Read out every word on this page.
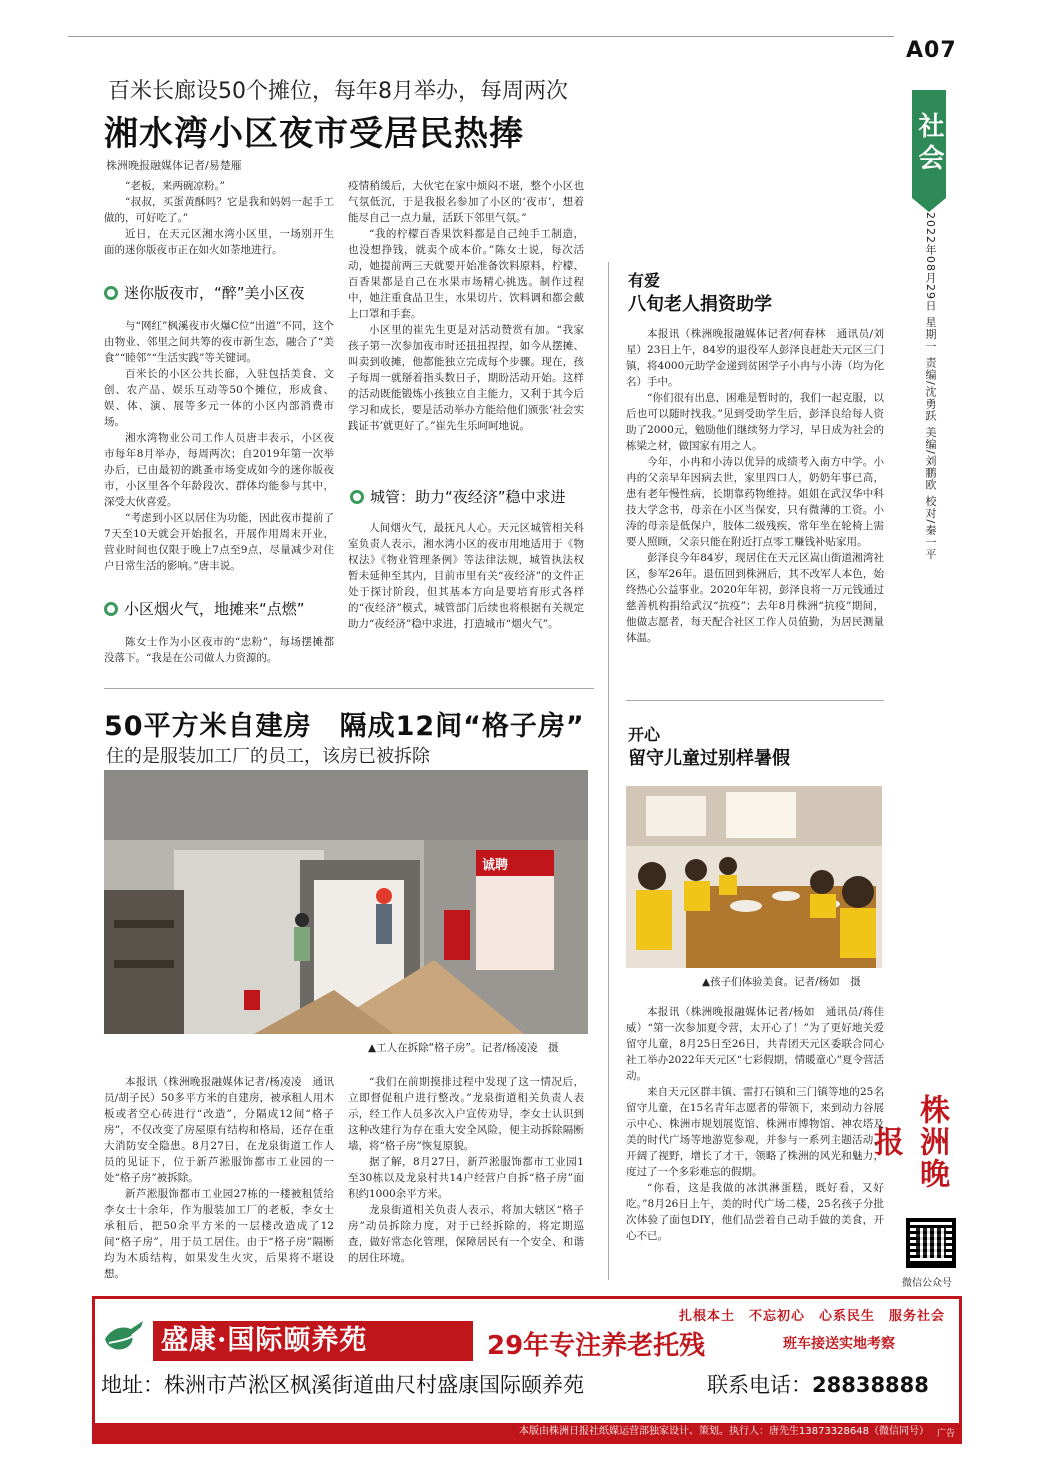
A07
社会
2022年08月29日 星期一 责编/沈勇跃 美编/刘鹏欧 校对/秦一平
株洲晚报
微信公众号
百米长廊设50个摊位，每年8月举办，每周两次
湘水湾小区夜市受居民热捧
株洲晚报融媒体记者/易楚雁

“老板，来两碗凉粉。”

“叔叔，买蛋黄酥吗？它是我和妈妈一起手工做的，可好吃了。”

近日，在天元区湘水湾小区里，一场别开生面的迷你版夜市正在如火如荼地进行。

迷你版夜市，“醉”美小区夜

与“网红”枫溪夜市火爆C位“出道”不同，这个由物业、邻里之间共筹的夜市新生态，融合了“美食”“睦邻”“生活实践”等关键词。

百米长的小区公共长廊，入驻包括美食、文创、农产品、娱乐互动等50个摊位，形成食、娱、体、演、展等多元一体的小区内部消费市场。

湘水湾物业公司工作人员唐丰表示，小区夜市每年8月举办，每周两次；自2019年第一次举办后，已由最初的跳蚤市场变成如今的迷你版夜市，小区里各个年龄段次、群体均能参与其中，深受大伙喜爱。

“考虑到小区以居住为功能，因此夜市提前了7天至10天就会开始报名，开展作用周末开业，营业时间也仅限于晚上7点至9点，尽量减少对住户日常生活的影响。”唐丰说。

小区烟火气，地摊来“点燃”

陈女士作为小区夜市的“忠粉”，每场摆摊都没落下。“我是在公司做人力资源的。

疫情稍缓后，大伙宅在家中烦闷不堪，整个小区也气氛低沉，于是我报名参加了小区的‘夜市’，想着能尽自己一点力量，活跃下邻里气氛。”

“我的柠檬百香果饮料都是自己纯手工制造，也没想挣钱，就卖个成本价。”陈女士说，每次活动，她提前两三天就要开始准备饮料原料，柠檬、百香果都是自己在水果市场精心挑选。制作过程中，她注重食品卫生，水果切片、饮料调和都会戴上口罩和手套。

小区里的崔先生更是对活动赞赏有加。“我家孩子第一次参加夜市时还扭扭捏捏，如今从摆摊、叫卖到收摊，他都能独立完成每个步骤。现在，孩子每周一就掰着指头数日子，期盼活动开始。这样的活动既能锻炼小孩独立自主能力，又利于其今后学习和成长，要是活动举办方能给他们颁张‘社会实践证书’就更好了。”崔先生乐呵呵地说。

城管：助力“夜经济”稳中求进

人间烟火气，最抚凡人心。天元区城管相关科室负责人表示，湘水湾小区的夜市用地适用于《物权法》《物业管理条例》等法律法规，城管执法权暂未延伸至其内，目前市里有关“夜经济”的文件正处于探讨阶段，但其基本方向是要培育形式各样的“夜经济”模式，城管部门后续也将根据有关规定助力“夜经济”稳中求进，打造城市“烟火气”。

50平方米自建房　隔成12间“格子房”
住的是服装加工厂的员工，该房已被拆除
诚聘
▲工人在拆除“格子房”。记者/杨凌凌　摄

本报讯（株洲晚报融媒体记者/杨凌凌　通讯员/胡子民）50多平方米的自建房，被承租人用木板或者空心砖进行“改造”，分隔成12间“格子房”，不仅改变了房屋原有结构和格局，还存在重大消防安全隐患。8月27日，在龙泉街道工作人员的见证下，位于新芦淞服饰都市工业园的一处“格子房”被拆除。

新芦淞服饰都市工业园27栋的一楼被租赁给李女士十余年，作为服装加工厂的老板，李女士承租后，把50余平方米的一层楼改造成了12间“格子房”，用于员工居住。由于“格子房”隔断均为木质结构，如果发生火灾，后果将不堪设想。

“我们在前期摸排过程中发现了这一情况后，立即督促租户进行整改。”龙泉街道相关负责人表示，经工作人员多次入户宣传劝导，李女士认识到这种改建行为存在重大安全风险，便主动拆除隔断墙，将“格子房”恢复原貌。

据了解，8月27日，新芦淞服饰都市工业园1至30栋以及龙泉村共14户经营户自拆“格子房”面积约1000余平方米。

龙泉街道相关负责人表示，将加大辖区“格子房”动员拆除力度，对于已经拆除的，将定期巡查，做好常态化管理，保障居民有一个安全、和谐的居住环境。

有爱
八旬老人捐资助学

本报讯（株洲晚报融媒体记者/何春林　通讯员/刘星）23日上午，84岁的退役军人彭泽良赶赴天元区三门镇，将4000元助学金递到贫困学子小冉与小涛（均为化名）手中。

“你们很有出息，困难是暂时的，我们一起克服，以后也可以随时找我。”见到受助学生后，彭泽良给每人资助了2000元，勉励他们继续努力学习，早日成为社会的栋梁之材，做国家有用之人。

今年，小冉和小涛以优异的成绩考入南方中学。小冉的父亲早年因病去世，家里四口人，奶奶年事已高，患有老年慢性病，长期靠药物维持。姐姐在武汉华中科技大学念书，母亲在小区当保安，只有微薄的工资。小涛的母亲是低保户，肢体二级残疾，常年坐在轮椅上需要人照顾，父亲只能在附近打点零工赚钱补贴家用。

彭泽良今年84岁，现居住在天元区嵩山街道湘湾社区，参军26年。退伍回到株洲后，其不改军人本色，始终热心公益事业。2020年年初，彭泽良将一万元钱通过慈善机构捐给武汉“抗疫”；去年8月株洲“抗疫”期间，他做志愿者，每天配合社区工作人员值勤，为居民测量体温。

开心
留守儿童过别样暑假
▲孩子们体验美食。记者/杨如　摄

本报讯（株洲晚报融媒体记者/杨如　通讯员/蒋佳威）“第一次参加夏令营，太开心了！”为了更好地关爱留守儿童，8月25日至26日，共青团天元区委联合同心社工举办2022年天元区“七彩假期，情暖童心”夏令营活动。

来自天元区群丰镇、雷打石镇和三门镇等地的25名留守儿童，在15名青年志愿者的带领下，来到动力谷展示中心、株洲市规划展览馆、株洲市博物馆、神农塔及美的时代广场等地游览参观，并参与一系列主题活动，开阔了视野，增长了才干，领略了株洲的风光和魅力，度过了一个多彩难忘的假期。

“你看，这是我做的冰淇淋蛋糕，既好看，又好吃。”8月26日上午，美的时代广场二楼，25名孩子分批次体验了面包DIY，他们品尝着自己动手做的美食，开心不已。

扎根本土　不忘初心　心系民生　服务社会
盛康·国际颐养苑	29年专注养老托残	班车接送实地考察
地址：株洲市芦淞区枫溪街道曲尺村盛康国际颐养苑	联系电话：28838888
本版由株洲日报社纸媒运营部独家设计、策划。执行人：唐先生13873328648（微信同号） 广告
